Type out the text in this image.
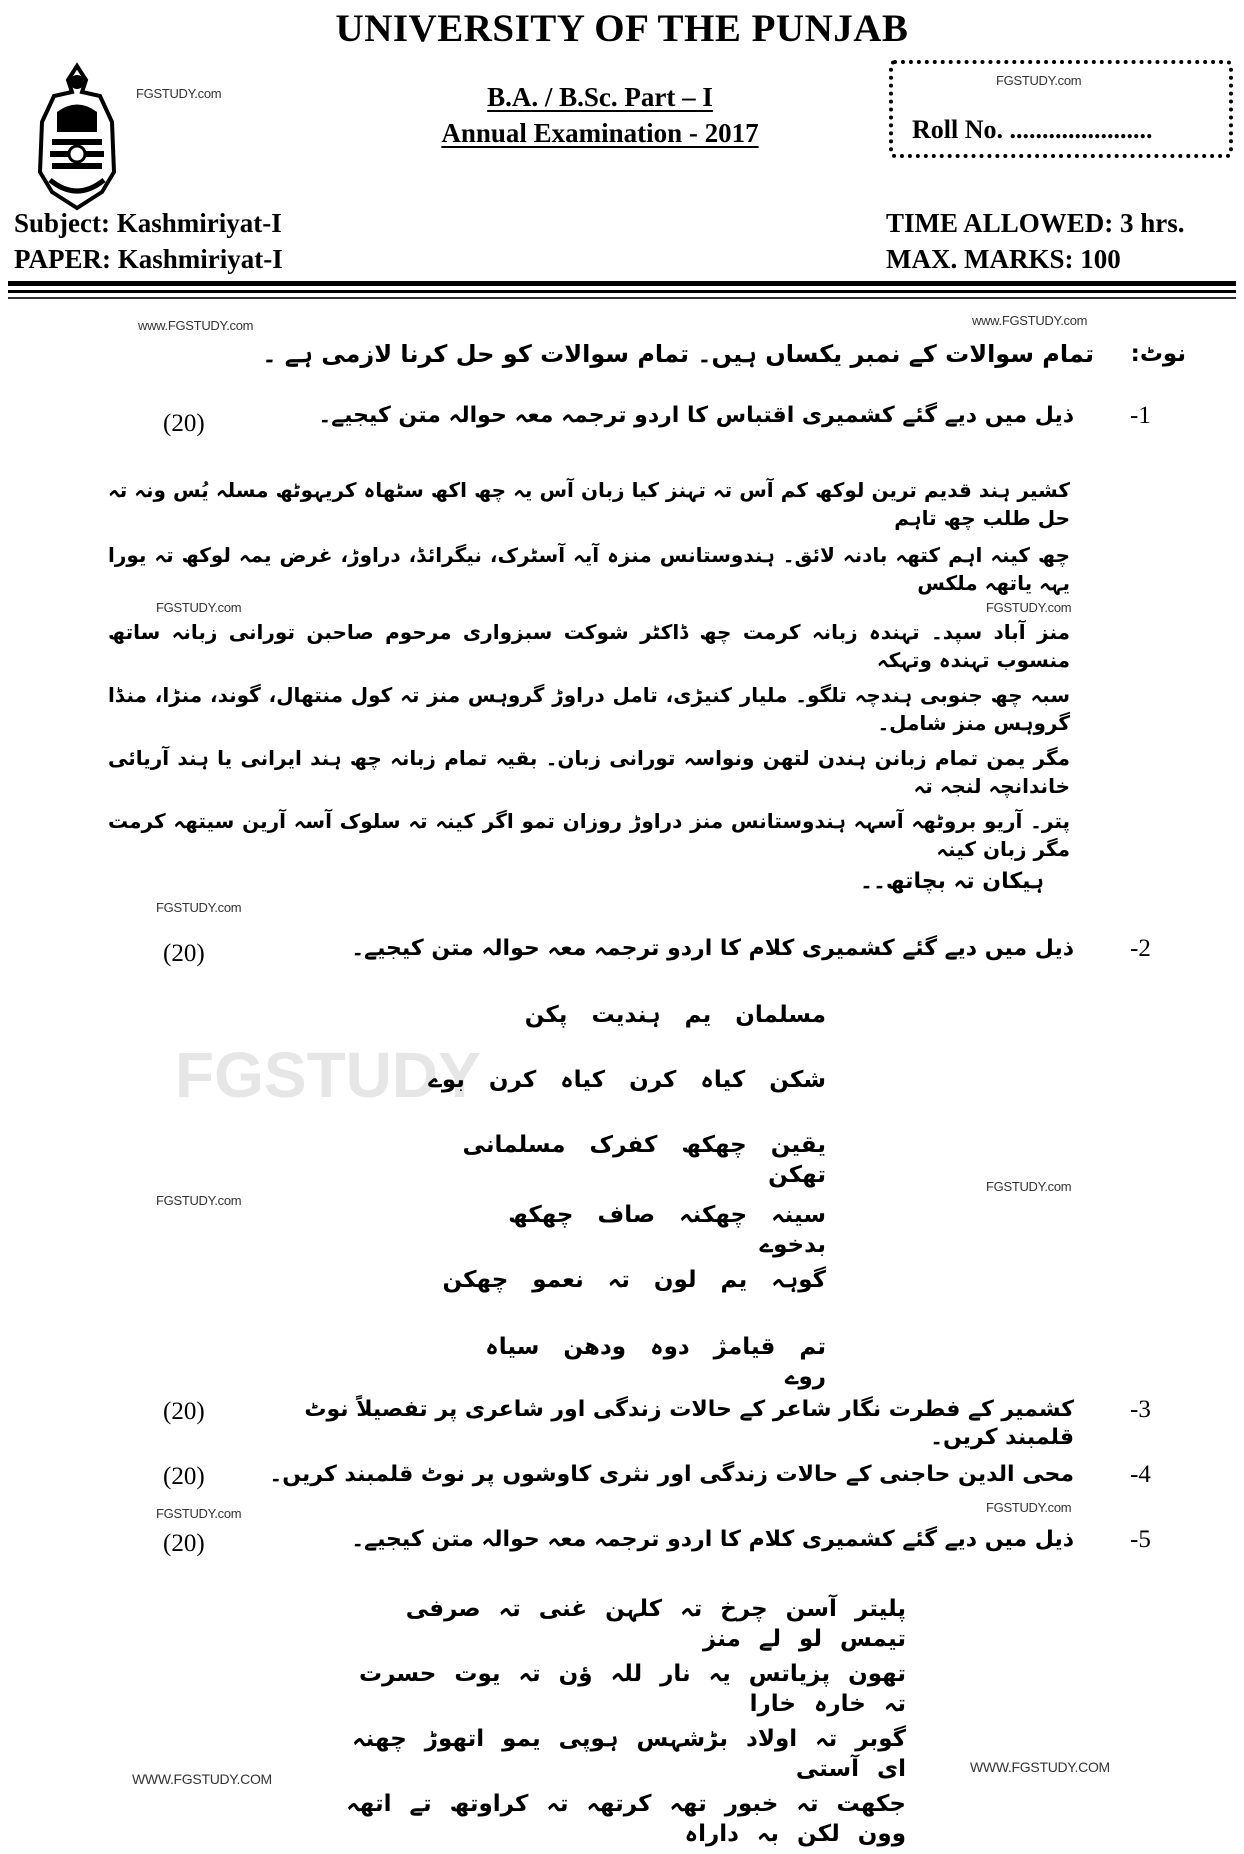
UNIVERSITY OF THE PUNJAB
FGSTUDY.com	B.A. / B.Sc. Part – I
Annual Examination - 2017
FGSTUDY.com
Roll No. ......................
Subject: Kashmiriyat-I
PAPER: Kashmiriyat-I
TIME ALLOWED: 3 hrs.
MAX. MARKS: 100
www.FGSTUDY.com	www.FGSTUDY.com
نوٹ:
تمام سوالات کے نمبر یکساں ہیں۔ تمام سوالات کو حل کرنا لازمی ہے ۔
-1
ذیل میں دیے گئے کشمیری اقتباس کا اردو ترجمہ معہ حوالہ متن کیجیے۔
(20)
کشیر ہند قدیم ترین لوکھ کم آس تہ تہنز کیا زبان آس یہ چھ اکھ سٹھاہ کریہوٹھ مسلہ یُس ونہ تہ حل طلب چھ تاہم
چھ کینہ اہم کتھہ بادنہ لائق۔ ہندوستانس منزہ آیہ آسٹرک، نیگرائڈ، دراوڑ، غرض یمہ لوکھ تہ یورا یہہ یاتھہ ملکس
FGSTUDY.com
FGSTUDY.com
منز آباد سپد۔ تہندہ زبانہ کرمت چھ ڈاکٹر شوکت سبزواری مرحوم صاحبن تورانی زبانہ ساتھ منسوب تہندہ وتہکہ
سبہ چھ جنوبی ہندچہ تلگو۔ ملیار کنیڑی، تامل دراوڑ گروہس منز تہ کول منتھال، گوند، منڑا، منڈا گروہس منز شامل۔
مگر یمن تمام زبانن ہندن لتھن ونواسہ تورانی زبان۔ بقیہ تمام زبانہ چھ ہند ایرانی یا ہند آریائی خاندانچہ لنجہ تہ
پتر۔ آریو بروٹھہ آسہہ ہندوستانس منز دراوڑ روزان تمو اگر کینہ تہ سلوک آسہ آرین سیتھہ کرمت مگر زبان کینہ
ہیکان تہ بچاتھ۔۔
FGSTUDY.com
-2
ذیل میں دیے گئے کشمیری کلام کا اردو ترجمہ معہ حوالہ متن کیجیے۔
(20)
FGSTUDY
مسلمان یم ہندیت پکن
شکن کیاہ کرن کیاہ کرن بوے
یقین چھکھ کفرک مسلمانی تھکن
FGSTUDY.com
FGSTUDY.com
سینہ چھکنہ صاف چھکھ بدخوے
گوہہ یم لون تہ نعمو چھکن
تم قیامژ دوہ ودھن سیاہ روے
-3
کشمیر کے فطرت نگار شاعر کے حالات زندگی اور شاعری پر تفصیلاً نوٹ قلمبند کریں۔
(20)
-4
محی الدین حاجنی کے حالات زندگی اور نثری کاوشوں پر نوٹ قلمبند کریں۔
(20)
FGSTUDY.com
FGSTUDY.com
-5
ذیل میں دیے گئے کشمیری کلام کا اردو ترجمہ معہ حوالہ متن کیجیے۔
(20)
پلیتر آسن چرخ تہ کلہن غنی تہ صرفی تیمس لو لے منز
تھون پزیاتس یہ نار للہ ؤن تہ یوت حسرت تہ خارہ خارا
گوبر تہ اولاد بڑشہس ہوپی یمو اتھوڑ چھنہ ای آستی	WWW.FGSTUDY.COM
WWW.FGSTUDY.COM
جکھت تہ خبور تھہ کرتھہ تہ کراوتھ تے اتھہ وون لکن بہ داراہ
